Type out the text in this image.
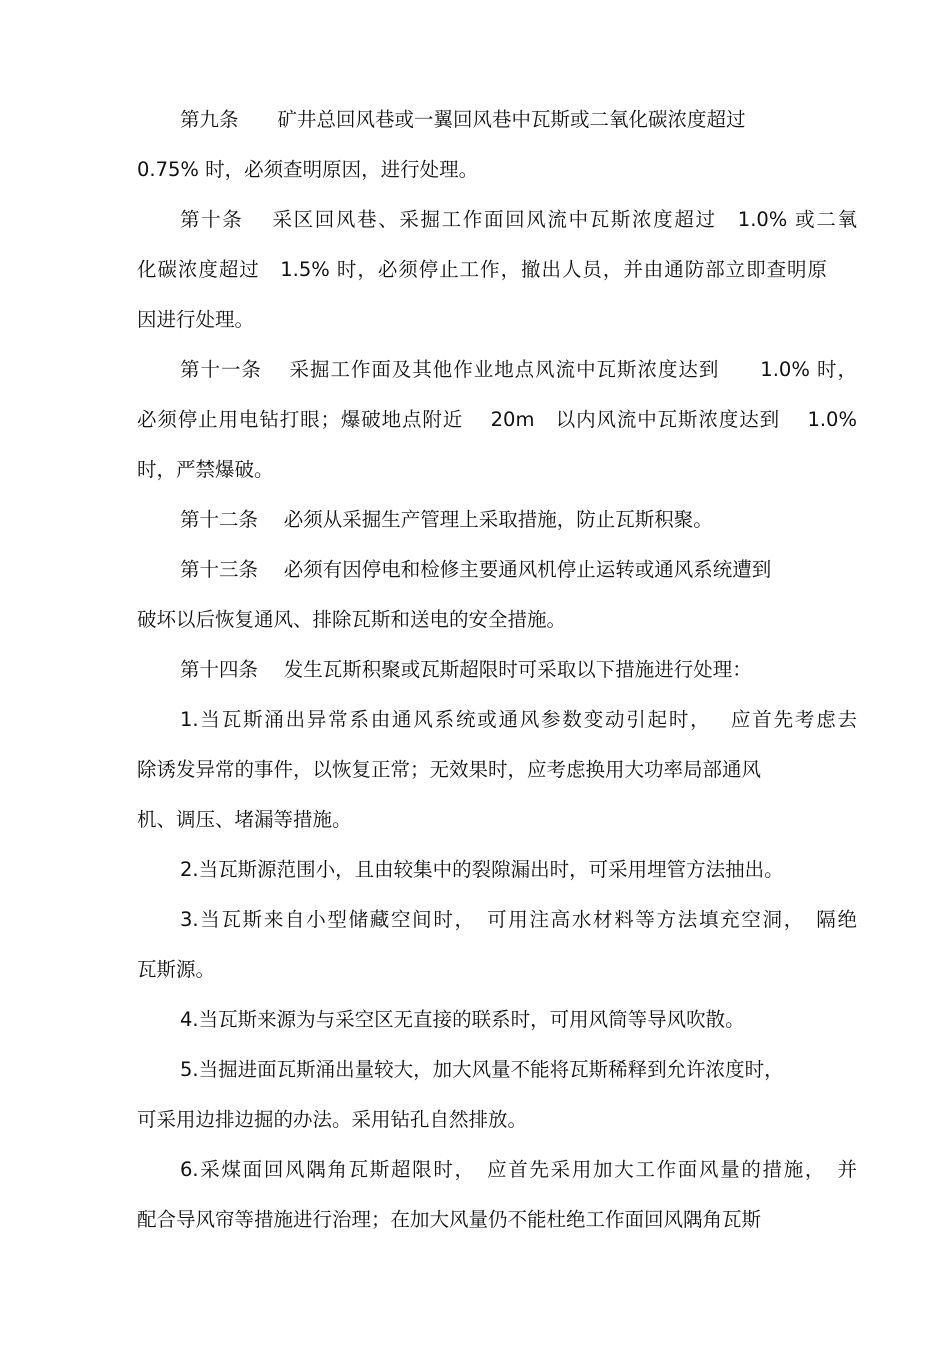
第九条　　矿井总回风巷或一翼回风巷中瓦斯或二氧化碳浓度超过

0.75% 时，必须查明原因，进行处理。

第十条　 采区回风巷、采掘工作面回风流中瓦斯浓度超过　1.0% 或二氧

化碳浓度超过　1.5% 时，必须停止工作，撤出人员，并由通防部立即查明原

因进行处理。

第十一条　 采掘工作面及其他作业地点风流中瓦斯浓度达到　　1.0% 时，

必须停止用电钻打眼；爆破地点附近　 20m　以内风流中瓦斯浓度达到　 1.0%

时，严禁爆破。

第十二条　 必须从采掘生产管理上采取措施，防止瓦斯积聚。

第十三条　 必须有因停电和检修主要通风机停止运转或通风系统遭到

破坏以后恢复通风、排除瓦斯和送电的安全措施。

第十四条　 发生瓦斯积聚或瓦斯超限时可采取以下措施进行处理：

1.当瓦斯涌出异常系由通风系统或通风参数变动引起时，　 应首先考虑去

除诱发异常的事件，以恢复正常；无效果时，应考虑换用大功率局部通风

机、调压、堵漏等措施。

2.当瓦斯源范围小，且由较集中的裂隙漏出时，可采用埋管方法抽出。

3.当瓦斯来自小型储藏空间时，　可用注高水材料等方法填充空洞，　隔绝

瓦斯源。

4.当瓦斯来源为与采空区无直接的联系时，可用风筒等导风吹散。

5.当掘进面瓦斯涌出量较大，加大风量不能将瓦斯稀释到允许浓度时，

可采用边排边掘的办法。采用钻孔自然排放。

6.采煤面回风隅角瓦斯超限时，　应首先采用加大工作面风量的措施，　并

配合导风帘等措施进行治理；在加大风量仍不能杜绝工作面回风隅角瓦斯
